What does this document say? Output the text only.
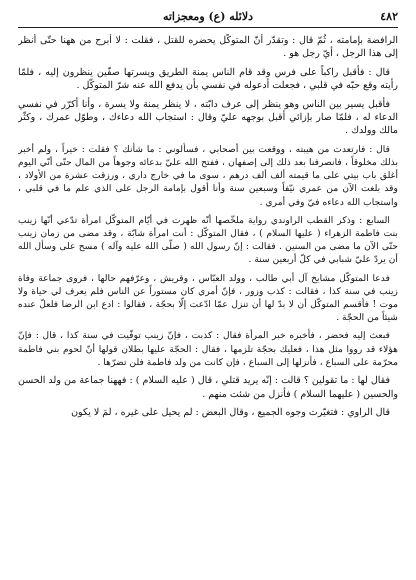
٤٨٢
دلائله (ع) ومعجزاته

الرافضة بإمامته ، ثُمّ قال : وتقدّر أنّ المتوكّل يحضره للقتل ، فقلت : لا أبرح من ههنا حتّى أنظر إلى هذا الرجل ، أيّ رجل هو .

قال : فأقبل راكباً على فرس وقد قام الناس يمنة الطريق ويسرتها صفّين ينظرون إليه ، فلمّا رأيته وقع حبّه في قلبي ، فجعلت أدعوله في نفسي بأن يدفع الله عنه شرّ المتوكّل .

فأقبل يسير بين الناس وهو ينظر إلى عرف دابّته ، لا ينظر يمنة ولا يسرة ، وأنا أكرّر في نفسي الدعاء له ، فلمّا صار بإزائي أقبل بوجهه عليّ وقال : استجاب الله دعاءك ، وطوّل عمرك ، وكثّر مالك وولدك .

قال : فارتعدت من هيبته ، ووقعت بين أصحابي ، فسألوني : ما شأنك ؟ فقلت : خيراً ، ولم أخبر بذلك مخلوقاً ، فانصرفنا بعد ذلك إلى إصفهان ، ففتح الله عليّ بدعائه وجوهاً من المال حتّى أنّي اليوم أغلق باب بيتي على ما قيمته ألف ألف درهم ، سوى ما في خارج داري ، ورزقت عشرة من الأولاد ، وقد بلغت الآن من عمري نيّفاً وسبعين سنة وأنا أقول بإمامة الرجل على الذي علم ما في قلبي ، واستجاب الله دعاءه فيّ وفي أمري .

السابع : وذكر القطب الراوندي رواية ملخّصها أنّه ظهرت في أيّام المتوكّل امرأة تدّعي أنّها زينب بنت فاطمة الزهراء ( عليها السلام ) ، فقال المتوكّل : أنت امرأة شابّة ، وقد مضى من زمان زينب حتّى الآن ما مضى من السنين . فقالت : إنّ رسول الله ( صلّى الله عليه وآله ) مسح على وسأل الله أن يردّ عليّ شبابي في كلّ أربعين سنة .

فدعا المتوكّل مشايخ آل أبي طالب ، وولد العبّاس ، وقريش ، وعرّفهم حالها ، فروى جماعة وفاة زينب في سنة كذا ، فقالت : كذب وزور ، فإنّ أمري كان مستوراً عن الناس فلم يعرف لي حياة ولا موت ! فأقسم المتوكّل أن لا بدّ لها أن تنزل عمّا ادّعت إلّا بحجّة ، فقالوا : ادع ابن الرضا فلعلّ عنده شيئاً من الحجّة .

فبعث إليه فحضر ، فأخبره خبر المرأة فقال : كذبت ، فإنّ زينب توفّيت في سنة كذا ، قال : فإنّ هؤلاء قد رووا مثل هذا ، فعليك بحجّة تلزمها ، فقال : الحجّة عليها بطلان قولها أنّ لحوم بني فاطمة محرّمة على السباع ، فأنزلها إلى السباع ، فإن كانت من ولد فاطمة فلن تضرّها .

فقال لها : ما تقولين ؟ قالت : إنّه يريد قتلي ، قال ( عليه السلام ) : فههنا جماعة من ولد الحسن والحسين ( عليهما السلام ) فأنزل من شئت منهم .

قال الراوي : فتغيّرت وجوه الجميع ، وقال البعض : لم يحيل على غيره ، لمَ لا يكون
